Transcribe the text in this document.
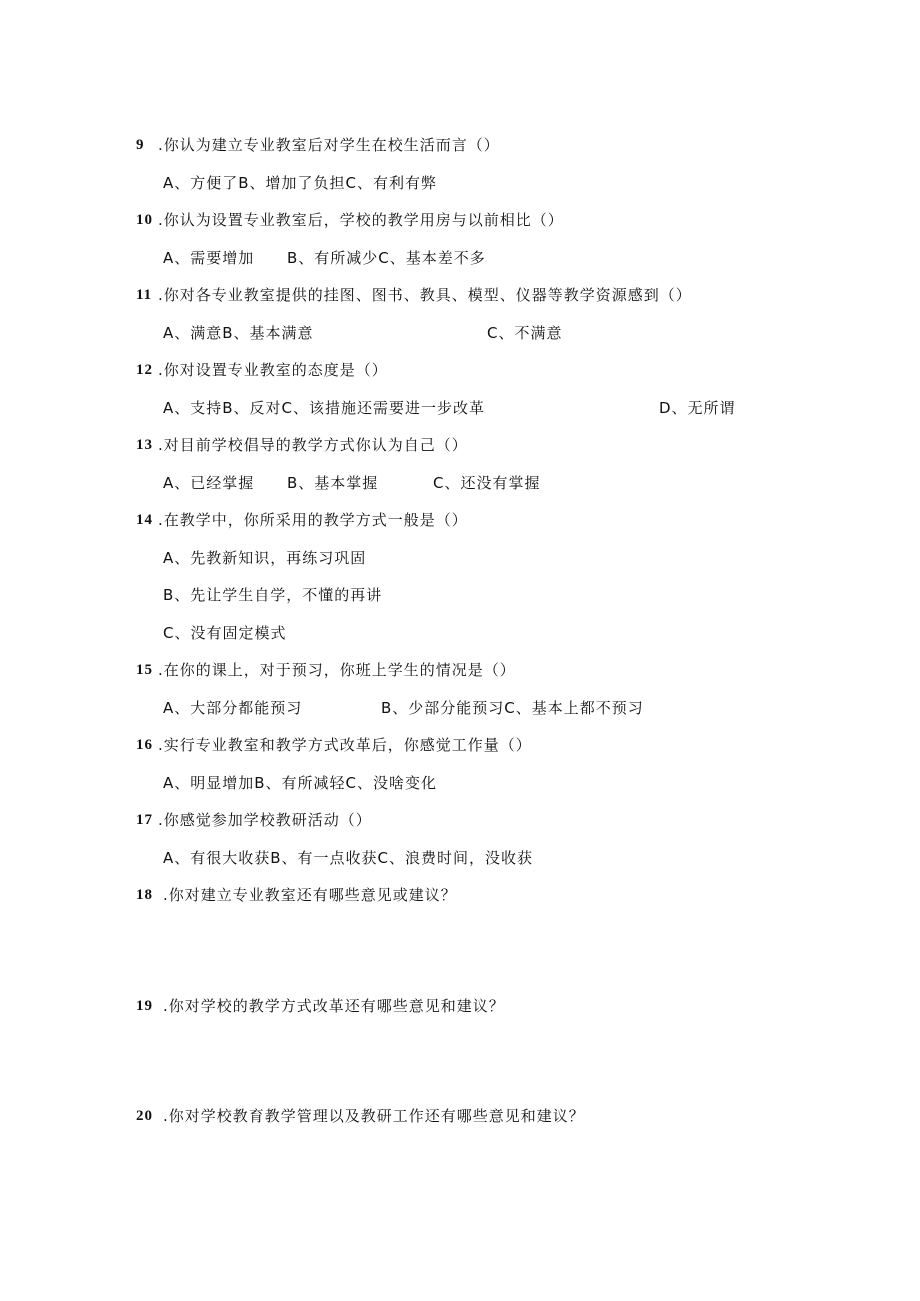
9 .你认为建立专业教室后对学生在校生活而言（）
A、方便了B、增加了负担C、有利有弊
10 .你认为设置专业教室后，学校的教学用房与以前相比（）
A、需要增加 B、有所减少C、基本差不多
11 .你对各专业教室提供的挂图、图书、教具、模型、仪器等教学资源感到（）
A、满意B、基本满意	C、不满意
12 .你对设置专业教室的态度是（）
A、支持B、反对C、该措施还需要进一步改革	D、无所谓
13 .对目前学校倡导的教学方式你认为自己（）
A、已经掌握 B、基本掌握	C、还没有掌握
14 .在教学中，你所采用的教学方式一般是（）
A、先教新知识，再练习巩固
B、先让学生自学，不懂的再讲
C、没有固定模式
15 .在你的课上，对于预习，你班上学生的情况是（）
A、大部分都能预习	B、少部分能预习C、基本上都不预习
16 .实行专业教室和教学方式改革后，你感觉工作量（）
A、明显增加B、有所减轻C、没啥变化
17 .你感觉参加学校教研活动（）
A、有很大收获B、有一点收获C、浪费时间，没收获
18 .你对建立专业教室还有哪些意见或建议？
19 .你对学校的教学方式改革还有哪些意见和建议？
20 .你对学校教育教学管理以及教研工作还有哪些意见和建议？
